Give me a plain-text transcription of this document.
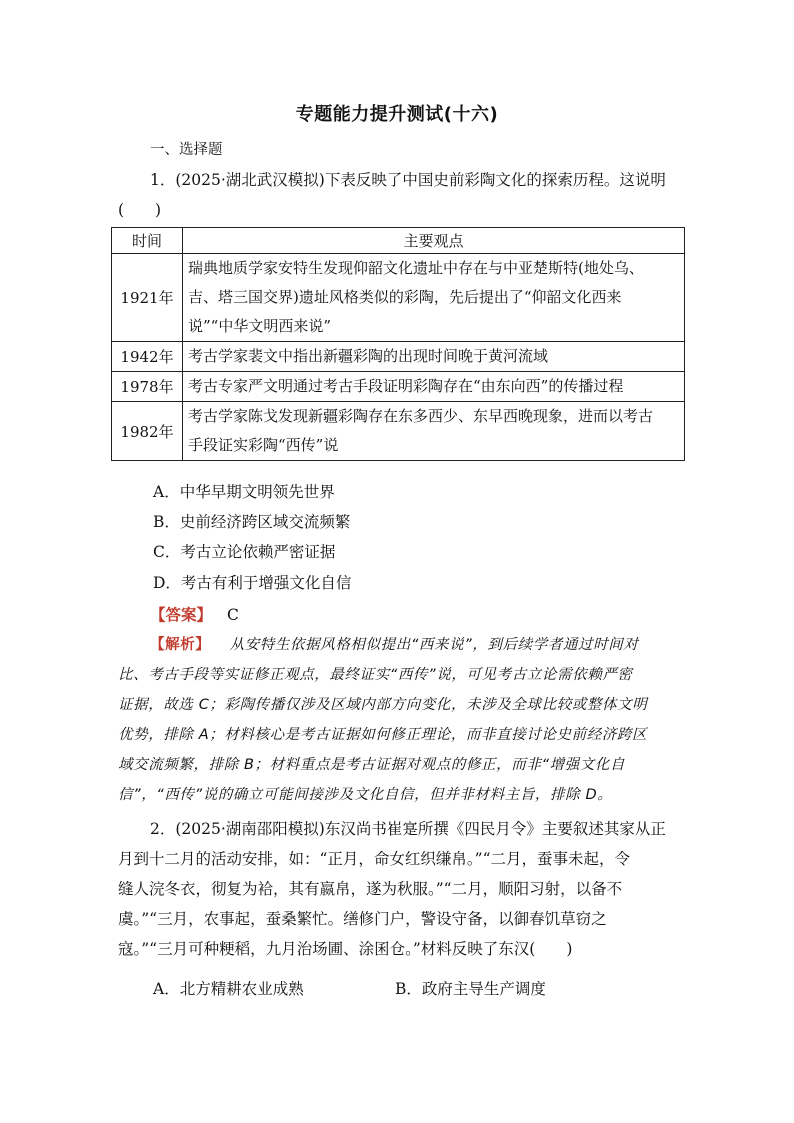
专题能力提升测试(十六)
一、选择题
1．(2025·湖北武汉模拟)下表反映了中国史前彩陶文化的探索历程。这说明
(　　)
时间	主要观点
1921年	瑞典地质学家安特生发现仰韶文化遗址中存在与中亚楚斯特(地处乌、
吉、塔三国交界)遗址风格类似的彩陶，先后提出了“仰韶文化西来
说”“中华文明西来说”

1942年	考古学家裴文中指出新疆彩陶的出现时间晚于黄河流域

1978年	考古专家严文明通过考古手段证明彩陶存在“由东向西”的传播过程

1982年	考古学家陈戈发现新疆彩陶存在东多西少、东早西晚现象，进而以考古
手段证实彩陶“西传”说
A．中华早期文明领先世界
B．史前经济跨区域交流频繁
C．考古立论依赖严密证据
D．考古有利于增强文化自信
【答案】 C
【解析】 从安特生依据风格相似提出“西来说”，到后续学者通过时间对
比、考古手段等实证修正观点，最终证实“西传”说，可见考古立论需依赖严密
证据，故选 C；彩陶传播仅涉及区域内部方向变化，未涉及全球比较或整体文明
优势，排除 A；材料核心是考古证据如何修正理论，而非直接讨论史前经济跨区
域交流频繁，排除 B；材料重点是考古证据对观点的修正，而非“增强文化自
信”，“西传”说的确立可能间接涉及文化自信，但并非材料主旨，排除 D。
2．(2025·湖南邵阳模拟)东汉尚书崔寔所撰《四民月令》主要叙述其家从正
月到十二月的活动安排，如：“正月，命女红织缣帛。”“二月，蚕事未起，令
缝人浣冬衣，彻复为袷，其有嬴帛，遂为秋服。”“二月，顺阳习射，以备不
虞。”“三月，农事起，蚕桑繁忙。缮修门户，警设守备，以御春饥草窃之
寇。”“三月可种粳稻，九月治场圃、涂囷仓。”材料反映了东汉(　　)
A．北方精耕农业成熟	B．政府主导生产调度
